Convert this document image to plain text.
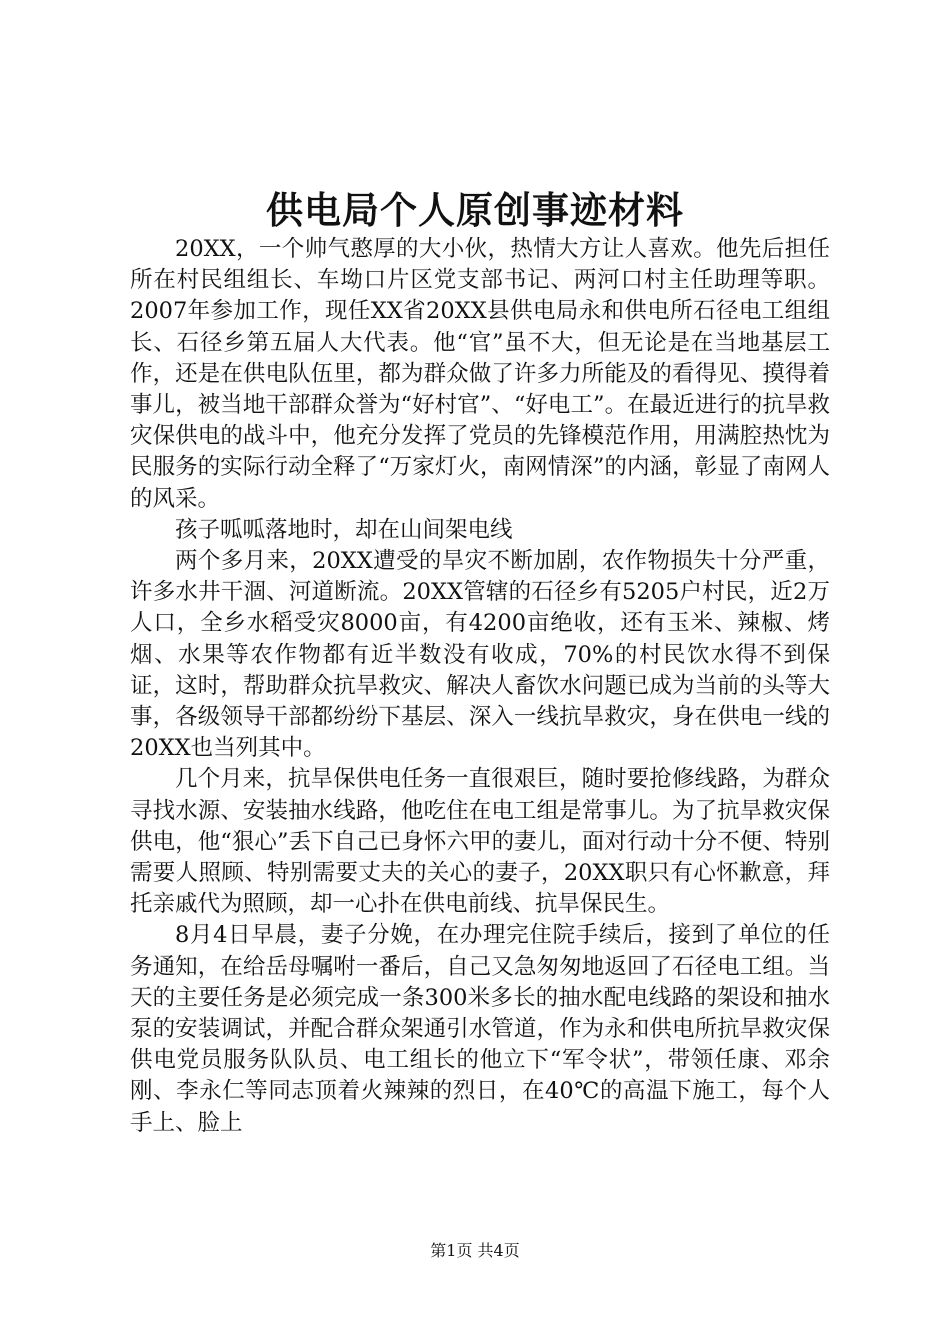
供电局个人原创事迹材料

20XX，一个帅气憨厚的大小伙，热情大方让人喜欢。他先后担任所在村民组组长、车坳口片区党支部书记、两河口村主任助理等职。2007年参加工作，现任XX省20XX县供电局永和供电所石径电工组组长、石径乡第五届人大代表。他“官”虽不大，但无论是在当地基层工作，还是在供电队伍里，都为群众做了许多力所能及的看得见、摸得着事儿，被当地干部群众誉为“好村官”、“好电工”。在最近进行的抗旱救灾保供电的战斗中，他充分发挥了党员的先锋模范作用，用满腔热忱为民服务的实际行动全释了“万家灯火，南网情深”的内涵，彰显了南网人的风采。

孩子呱呱落地时，却在山间架电线

两个多月来，20XX遭受的旱灾不断加剧，农作物损失十分严重，许多水井干涸、河道断流。20XX管辖的石径乡有5205户村民，近2万人口，全乡水稻受灾8000亩，有4200亩绝收，还有玉米、辣椒、烤烟、水果等农作物都有近半数没有收成，70%的村民饮水得不到保证，这时，帮助群众抗旱救灾、解决人畜饮水问题已成为当前的头等大事，各级领导干部都纷纷下基层、深入一线抗旱救灾，身在供电一线的20XX也当列其中。

几个月来，抗旱保供电任务一直很艰巨，随时要抢修线路，为群众寻找水源、安装抽水线路，他吃住在电工组是常事儿。为了抗旱救灾保供电，他“狠心”丢下自己已身怀六甲的妻儿，面对行动十分不便、特别需要人照顾、特别需要丈夫的关心的妻子，20XX职只有心怀歉意，拜托亲戚代为照顾，却一心扑在供电前线、抗旱保民生。

8月4日早晨，妻子分娩，在办理完住院手续后，接到了单位的任务通知，在给岳母嘱咐一番后，自己又急匆匆地返回了石径电工组。当天的主要任务是必须完成一条300米多长的抽水配电线路的架设和抽水泵的安装调试，并配合群众架通引水管道，作为永和供电所抗旱救灾保供电党员服务队队员、电工组长的他立下“军令状”，带领任康、邓余刚、李永仁等同志顶着火辣辣的烈日，在40℃的高温下施工，每个人手上、脸上

第1页 共4页
